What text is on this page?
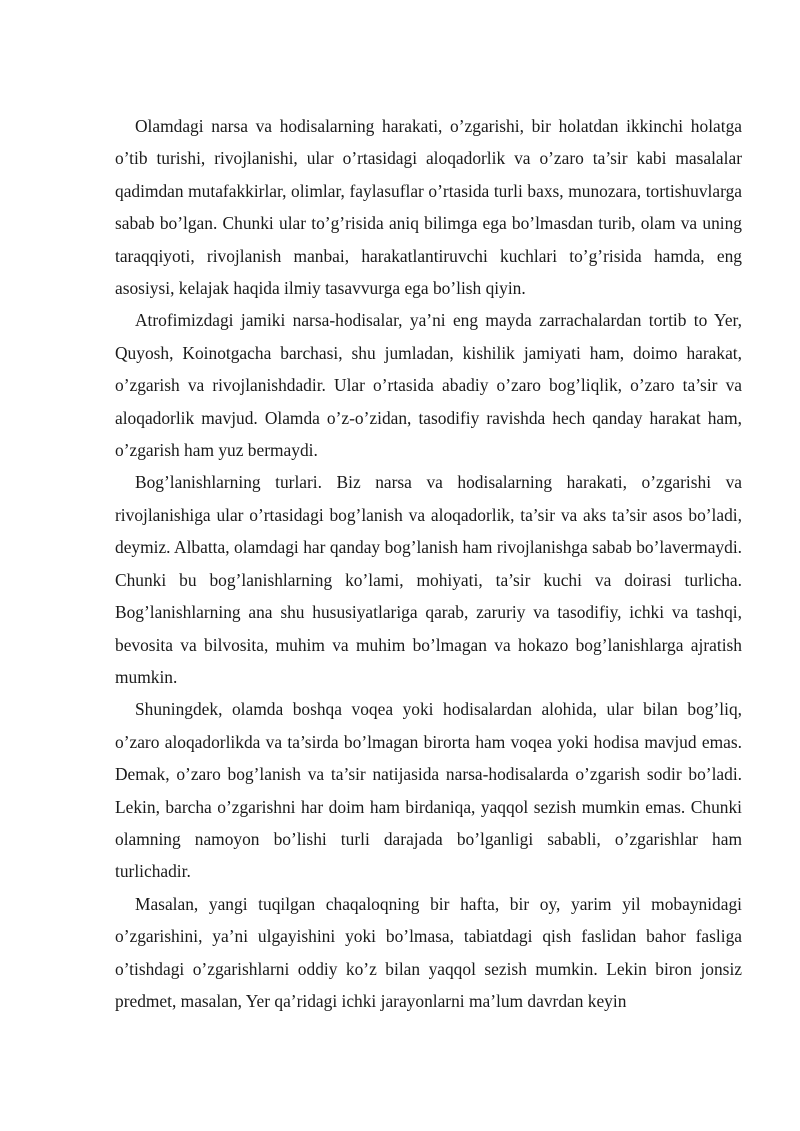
Olamdagi narsa va hodisalarning harakati, o’zgarishi, bir holatdan ikkinchi holatga o’tib turishi, rivojlanishi, ular o’rtasidagi aloqadorlik va o’zaro ta’sir kabi masalalar qadimdan mutafakkirlar, olimlar, faylasuflar o’rtasida turli baxs, munozara, tortishuvlarga sabab bo’lgan. Chunki ular to’g’risida aniq bilimga ega bo’lmasdan turib, olam va uning taraqqiyoti, rivojlanish manbai, harakatlantiruvchi kuchlari to’g’risida hamda, eng asosiysi, kelajak haqida ilmiy tasavvurga ega bo’lish qiyin.

Atrofimizdagi jamiki narsa-hodisalar, ya’ni eng mayda zarrachalardan tortib to Yer, Quyosh, Koinotgacha barchasi, shu jumladan, kishilik jamiyati ham, doimo harakat, o’zgarish va rivojlanishdadir. Ular o’rtasida abadiy o’zaro bog’liqlik, o’zaro ta’sir va aloqadorlik mavjud. Olamda o’z-o’zidan, tasodifiy ravishda hech qanday harakat ham, o’zgarish ham yuz bermaydi.

Bog’lanishlarning turlari. Biz narsa va hodisalarning harakati, o’zgarishi va rivojlanishiga ular o’rtasidagi bog’lanish va aloqadorlik, ta’sir va aks ta’sir asos bo’ladi, deymiz. Albatta, olamdagi har qanday bog’lanish ham rivojlanishga sabab bo’lavermaydi. Chunki bu bog’lanishlarning ko’lami, mohiyati, ta’sir kuchi va doirasi turlicha. Bog’lanishlarning ana shu hususiyatlariga qarab, zaruriy va tasodifiy, ichki va tashqi, bevosita va bilvosita, muhim va muhim bo’lmagan va hokazo bog’lanishlarga ajratish mumkin.

Shuningdek, olamda boshqa voqea yoki hodisalardan alohida, ular bilan bog’liq, o’zaro aloqadorlikda va ta’sirda bo’lmagan birorta ham voqea yoki hodisa mavjud emas. Demak, o’zaro bog’lanish va ta’sir natijasida narsa-hodisalarda o’zgarish sodir bo’ladi. Lekin, barcha o’zgarishni har doim ham birdaniqa, yaqqol sezish mumkin emas. Chunki olamning namoyon bo’lishi turli darajada bo’lganligi sababli, o’zgarishlar ham turlichadir.

Masalan, yangi tuqilgan chaqaloqning bir hafta, bir oy, yarim yil mobaynidagi o’zgarishini, ya’ni ulgayishini yoki bo’lmasa, tabiatdagi qish faslidan bahor fasliga o’tishdagi o’zgarishlarni oddiy ko’z bilan yaqqol sezish mumkin. Lekin biron jonsiz predmet, masalan, Yer qa’ridagi ichki jarayonlarni ma’lum davrdan keyin
